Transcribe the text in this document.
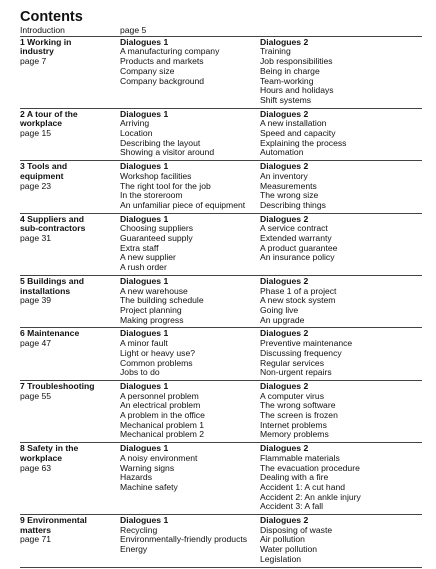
Contents
Introduction	page 5
1 Working in
industry
page 7
Dialogues 1
A manufacturing company
Products and markets
Company size
Company background
Dialogues 2
Training
Job responsibilities
Being in charge
Team-working
Hours and holidays
Shift systems
2 A tour of the
workplace
page 15
Dialogues 1
Arriving
Location
Describing the layout
Showing a visitor around
Dialogues 2
A new installation
Speed and capacity
Explaining the process
Automation
3 Tools and
equipment
page 23
Dialogues 1
Workshop facilities
The right tool for the job
In the storeroom
An unfamiliar piece of equipment
Dialogues 2
An inventory
Measurements
The wrong size
Describing things
4 Suppliers and
sub-contractors
page 31
Dialogues 1
Choosing suppliers
Guaranteed supply
Extra staff
A new supplier
A rush order
Dialogues 2
A service contract
Extended warranty
A product guarantee
An insurance policy
5 Buildings and
installations
page 39
Dialogues 1
A new warehouse
The building schedule
Project planning
Making progress
Dialogues 2
Phase 1 of a project
A new stock system
Going live
An upgrade
6 Maintenance
page 47
Dialogues 1
A minor fault
Light or heavy use?
Common problems
Jobs to do
Dialogues 2
Preventive maintenance
Discussing frequency
Regular services
Non-urgent repairs
7 Troubleshooting
page 55
Dialogues 1
A personnel problem
An electrical problem
A problem in the office
Mechanical problem 1
Mechanical problem 2
Dialogues 2
A computer virus
The wrong software
The screen is frozen
Internet problems
Memory problems
8 Safety in the
workplace
page 63
Dialogues 1
A noisy environment
Warning signs
Hazards
Machine safety
Dialogues 2
Flammable materials
The evacuation procedure
Dealing with a fire
Accident 1: A cut hand
Accident 2: An ankle injury
Accident 3: A fall
9 Environmental
matters
page 71
Dialogues 1
Recycling
Environmentally-friendly products
Energy
Dialogues 2
Disposing of waste
Air pollution
Water pollution
Legislation
